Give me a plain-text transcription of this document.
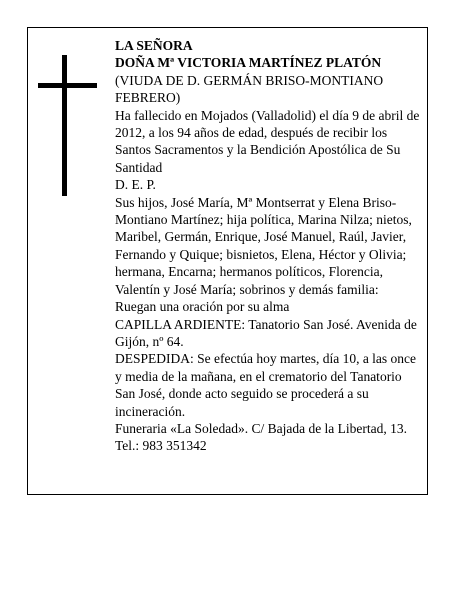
LA SEÑORA

DOÑA Mª VICTORIA MARTÍNEZ PLATÓN

(VIUDA DE D. GERMÁN BRISO-MONTIANO FEBRERO)

Ha fallecido en Mojados (Valladolid) el día 9 de abril de 2012, a los 94 años de edad, después de recibir los Santos Sacramentos y la Bendición Apostólica de Su Santidad

D. E. P.

Sus hijos, José María, Mª Montserrat y Elena Briso-Montiano Martínez; hija política, Marina Nilza; nietos, Maribel, Germán, Enrique, José Manuel, Raúl, Javier, Fernando y Quique; bisnietos, Elena, Héctor y Olivia; hermana, Encarna; hermanos políticos, Florencia, Valentín y José María; sobrinos y demás familia:

Ruegan una oración por su alma

CAPILLA ARDIENTE: Tanatorio San José. Avenida de Gijón, nº 64.

DESPEDIDA: Se efectúa hoy martes, día 10, a las once y media de la mañana, en el crematorio del Tanatorio San José, donde acto seguido se procederá a su incineración.

Funeraria «La Soledad». C/ Bajada de la Libertad, 13.

Tel.: 983 351342
